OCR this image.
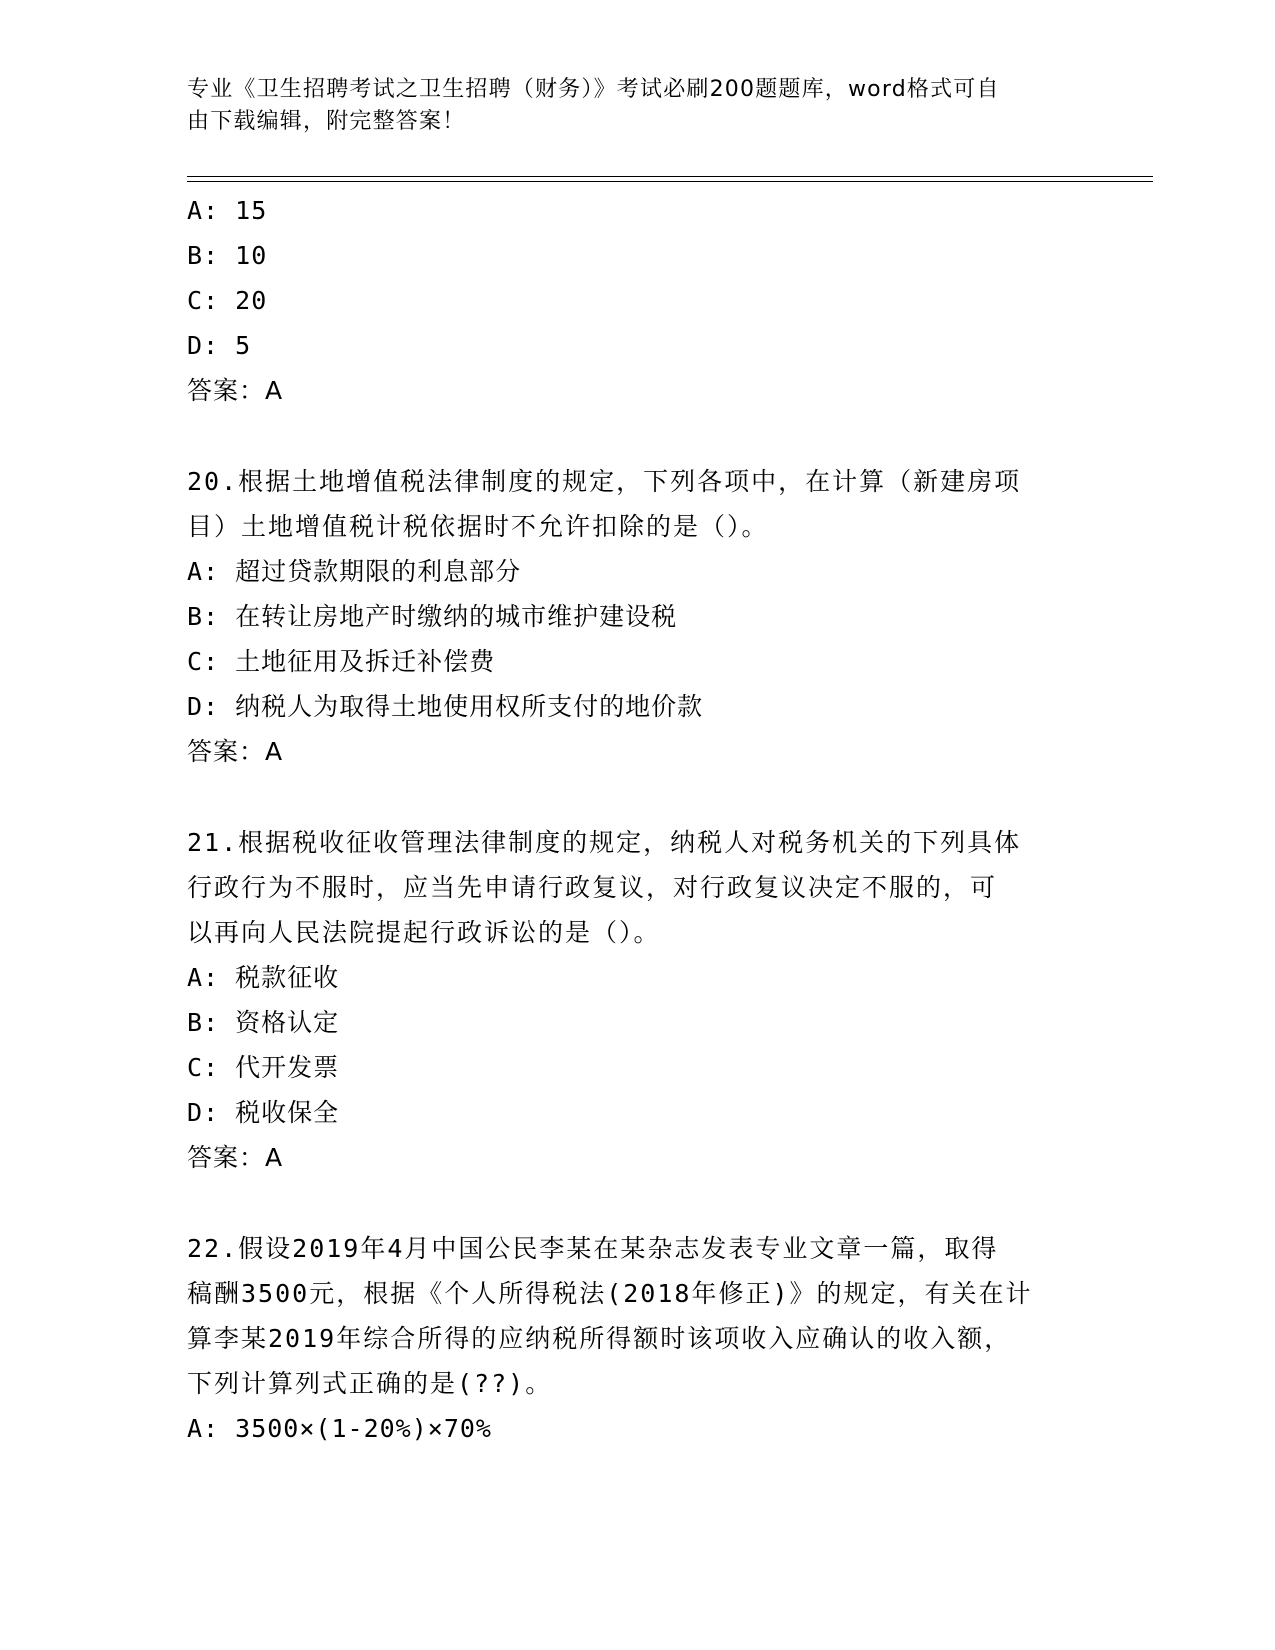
专业《卫生招聘考试之卫生招聘（财务）》考试必刷200题题库，word格式可自
由下载编辑，附完整答案！
A: 15
B: 10
C: 20
D: 5
答案：A
20.根据土地增值税法律制度的规定，下列各项中，在计算（新建房项
目）土地增值税计税依据时不允许扣除的是（）。
A: 超过贷款期限的利息部分
B: 在转让房地产时缴纳的城市维护建设税
C: 土地征用及拆迁补偿费
D: 纳税人为取得土地使用权所支付的地价款
答案：A
21.根据税收征收管理法律制度的规定，纳税人对税务机关的下列具体
行政行为不服时，应当先申请行政复议，对行政复议决定不服的，可
以再向人民法院提起行政诉讼的是（）。
A: 税款征收
B: 资格认定
C: 代开发票
D: 税收保全
答案：A
22.假设2019年4月中国公民李某在某杂志发表专业文章一篇，取得
稿酬3500元，根据《个人所得税法(2018年修正)》的规定，有关在计
算李某2019年综合所得的应纳税所得额时该项收入应确认的收入额，
下列计算列式正确的是(??)。
A: 3500×(1-20%)×70%
